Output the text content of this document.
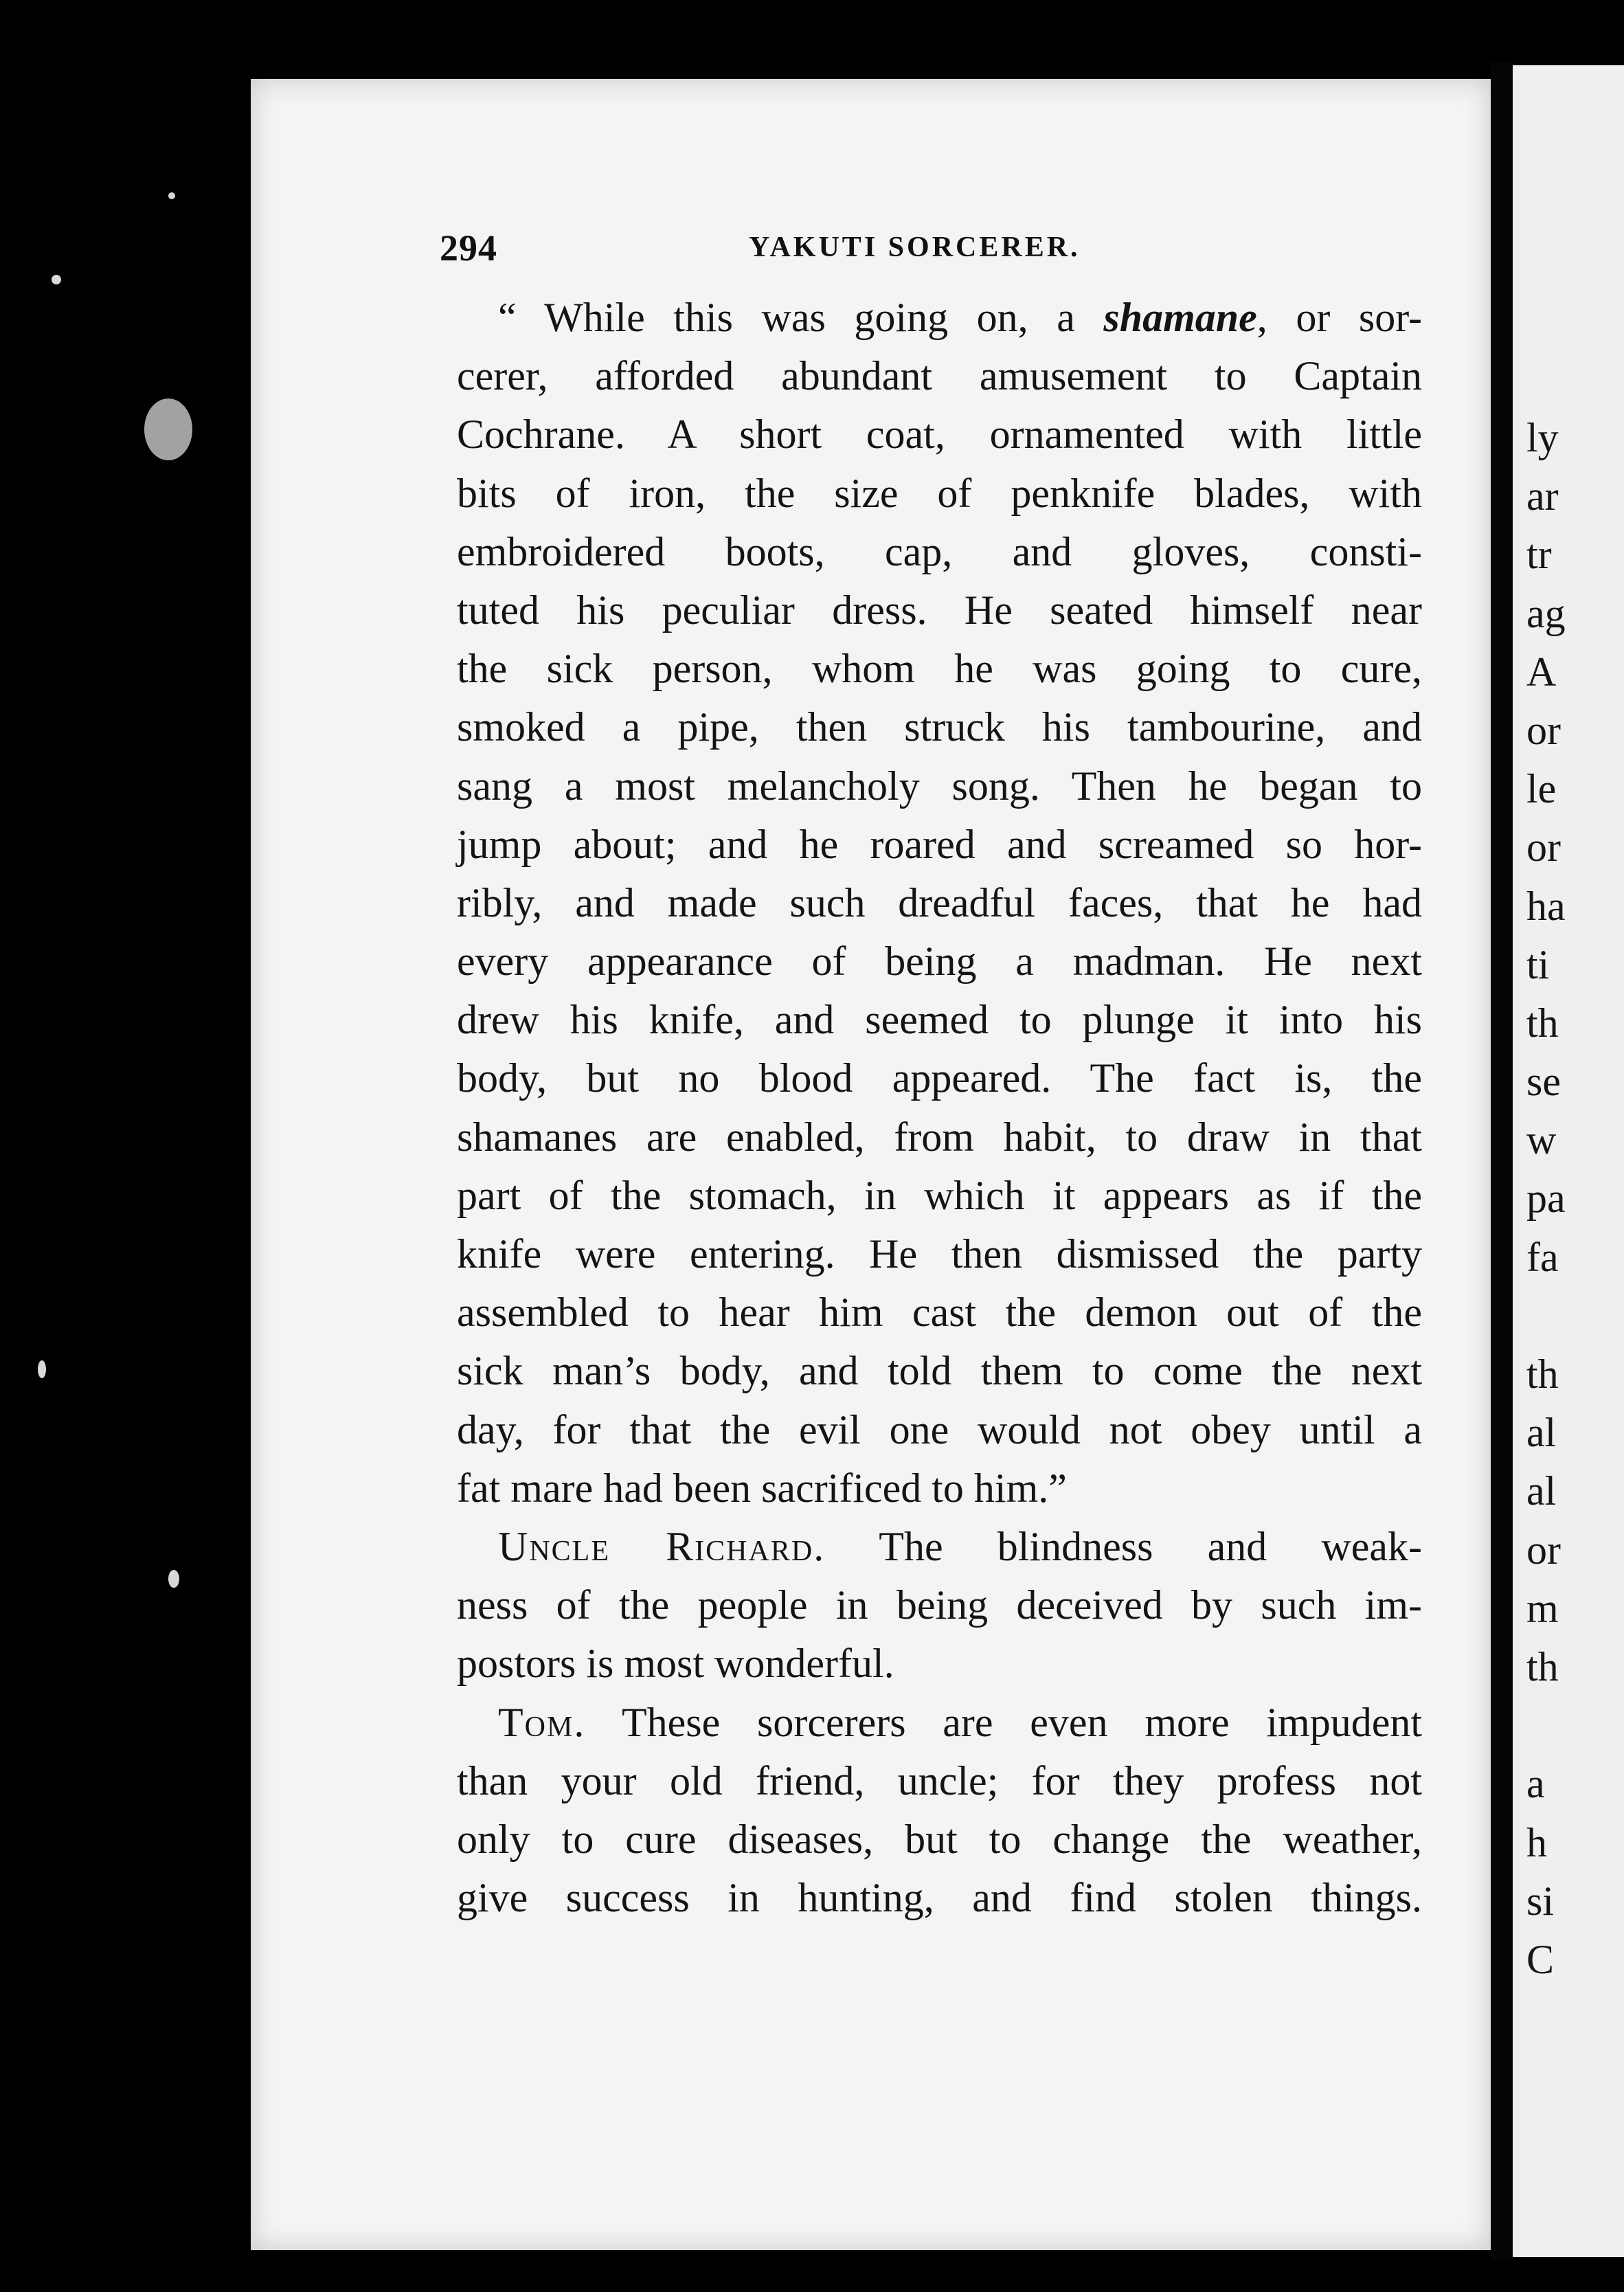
ly
ar
tr
ag
A
or
le
or
ha
ti
th
se
w
pa
fa
th
al
al
or
m
th
a
h
si
C
294	YAKUTI SORCERER.
“ While this was going on, a shamane, or sor-
cerer, afforded abundant amusement to Captain
Cochrane. A short coat, ornamented with little
bits of iron, the size of penknife blades, with
embroidered boots, cap, and gloves, consti-
tuted his peculiar dress. He seated himself near
the sick person, whom he was going to cure,
smoked a pipe, then struck his tambourine, and
sang a most melancholy song. Then he began to
jump about; and he roared and screamed so hor-
ribly, and made such dreadful faces, that he had
every appearance of being a madman. He next
drew his knife, and seemed to plunge it into his
body, but no blood appeared. The fact is, the
shamanes are enabled, from habit, to draw in that
part of the stomach, in which it appears as if the
knife were entering. He then dismissed the party
assembled to hear him cast the demon out of the
sick man’s body, and told them to come the next
day, for that the evil one would not obey until a
fat mare had been sacrificed to him.”
Uncle Richard. The blindness and weak-
ness of the people in being deceived by such im-
postors is most wonderful.
Tom. These sorcerers are even more impudent
than your old friend, uncle; for they profess not
only to cure diseases, but to change the weather,
give success in hunting, and find stolen things.
